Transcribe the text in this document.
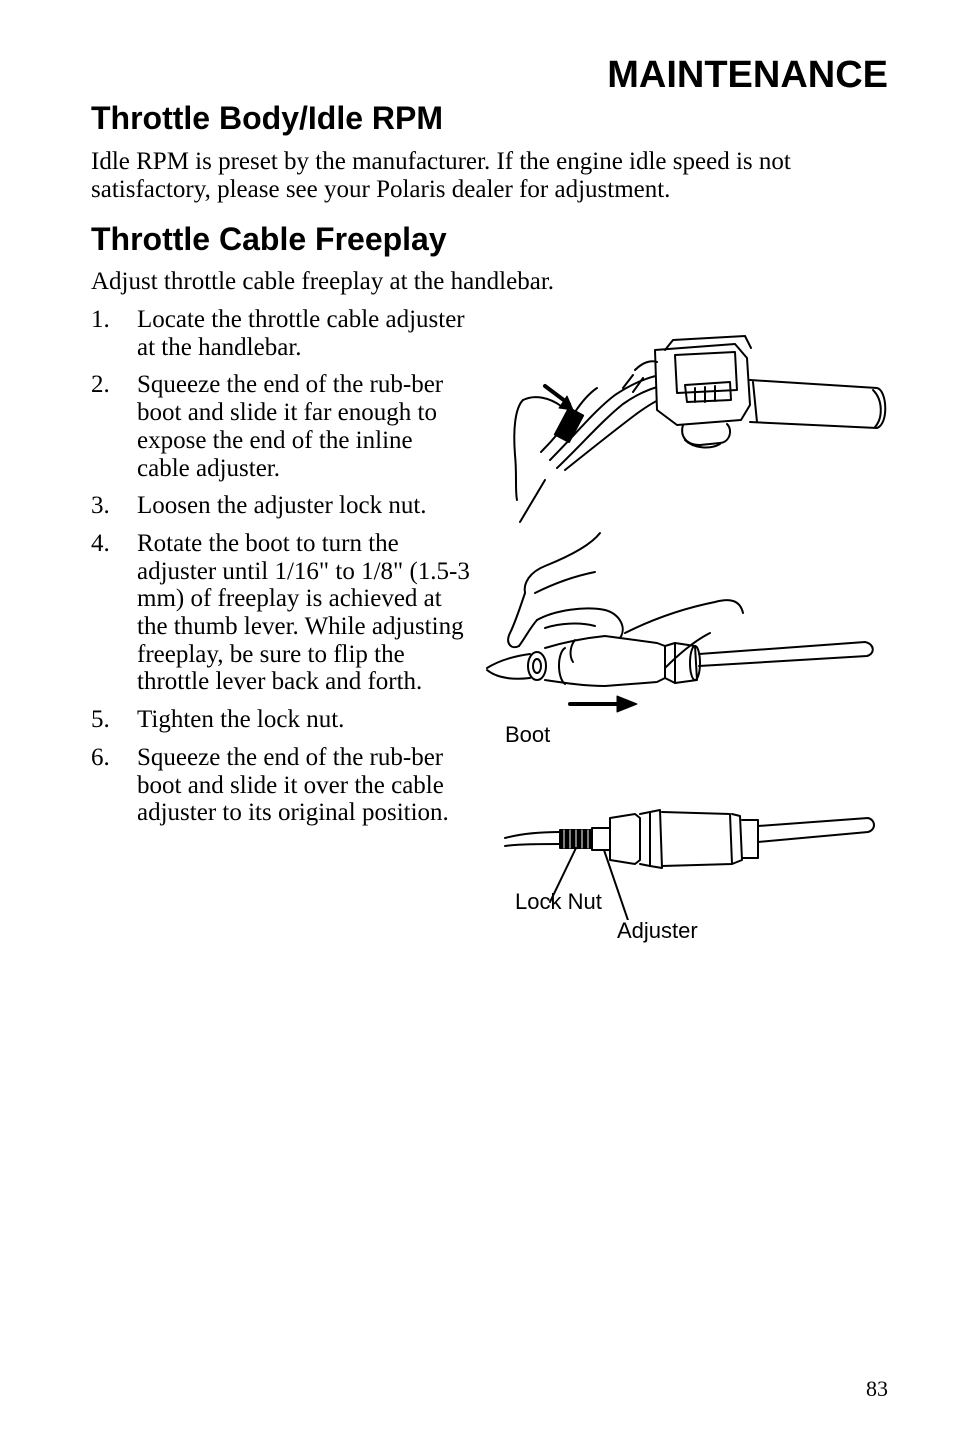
MAINTENANCE
Throttle Body/Idle RPM

Idle RPM is preset by the manufacturer. If the engine idle speed is not satisfactory, please see your Polaris dealer for adjustment.

Throttle Cable Freeplay

Adjust throttle cable freeplay at the handlebar.

1. Locate the throttle cable adjuster at the handlebar.
2. Squeeze the end of the rub-ber boot and slide it far enough to expose the end of the inline cable adjuster.
3. Loosen the adjuster lock nut.
4. Rotate the boot to turn the adjuster until 1/16" to 1/8" (1.5-3 mm) of freeplay is achieved at the thumb lever. While adjusting freeplay, be sure to flip the throttle lever back and forth.
5. Tighten the lock nut.
6. Squeeze the end of the rub-ber boot and slide it over the cable adjuster to its original position.
Boot
Lock Nut
Adjuster
83
